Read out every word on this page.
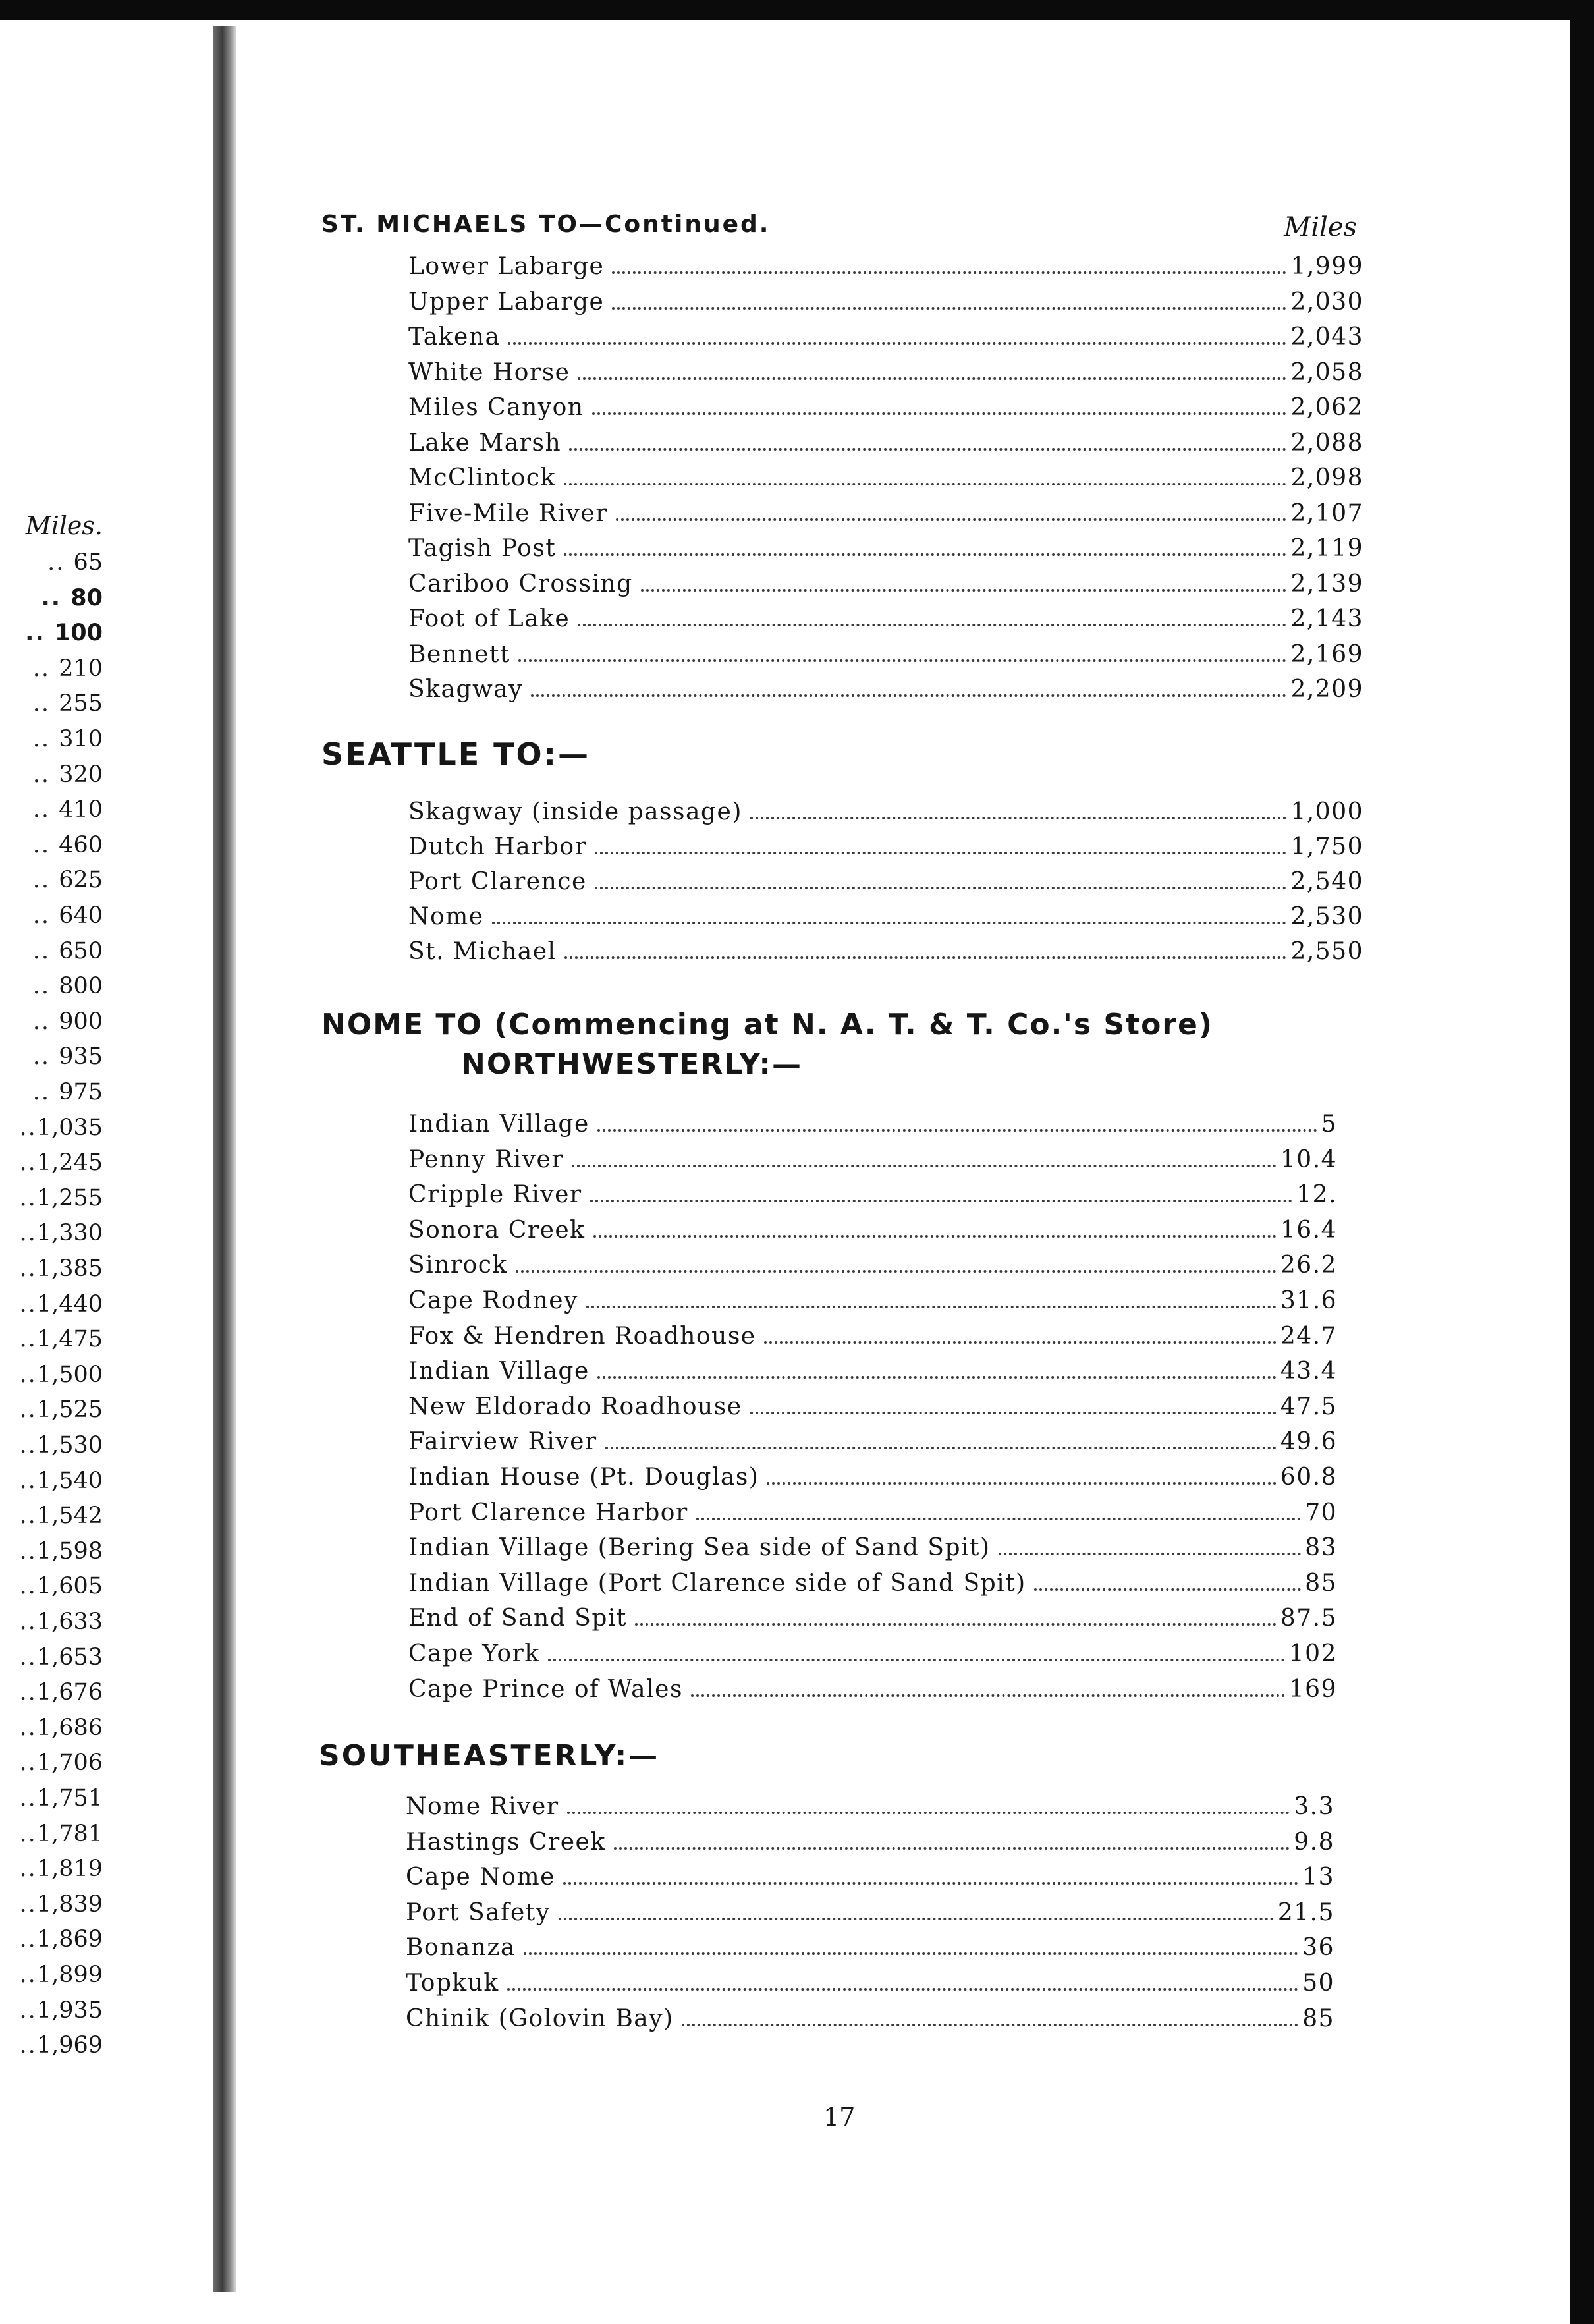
Miles.
.. 65
.. 80
.. 100
.. 210
.. 255
.. 310
.. 320
.. 410
.. 460
.. 625
.. 640
.. 650
.. 800
.. 900
.. 935
.. 975
..1,035
..1,245
..1,255
..1,330
..1,385
..1,440
..1,475
..1,500
..1,525
..1,530
..1,540
..1,542
..1,598
..1,605
..1,633
..1,653
..1,676
..1,686
..1,706
..1,751
..1,781
..1,819
..1,839
..1,869
..1,899
..1,935
..1,969
ST. MICHAELS TO—Continued.	Miles
Lower Labarge	1,999
Upper Labarge	2,030
Takena	2,043
White Horse	2,058
Miles Canyon	2,062
Lake Marsh	2,088
McClintock	2,098
Five-Mile River	2,107
Tagish Post	2,119
Cariboo Crossing	2,139
Foot of Lake	2,143
Bennett	2,169
Skagway	2,209
SEATTLE TO:—
Skagway (inside passage)	1,000
Dutch Harbor	1,750
Port Clarence	2,540
Nome	2,530
St. Michael	2,550
NOME TO (Commencing at N. A. T. & T. Co.'s Store)
NORTHWESTERLY:—
Indian Village	5
Penny River	10.4
Cripple River	12.
Sonora Creek	16.4
Sinrock	26.2
Cape Rodney	31.6
Fox & Hendren Roadhouse	24.7
Indian Village	43.4
New Eldorado Roadhouse	47.5
Fairview River	49.6
Indian House (Pt. Douglas)	60.8
Port Clarence Harbor	70
Indian Village (Bering Sea side of Sand Spit)	83
Indian Village (Port Clarence side of Sand Spit)	85
End of Sand Spit	87.5
Cape York	102
Cape Prince of Wales	169
SOUTHEASTERLY:—
Nome River	3.3
Hastings Creek	9.8
Cape Nome	13
Port Safety	21.5
Bonanza	36
Topkuk	50
Chinik (Golovin Bay)	85
17
